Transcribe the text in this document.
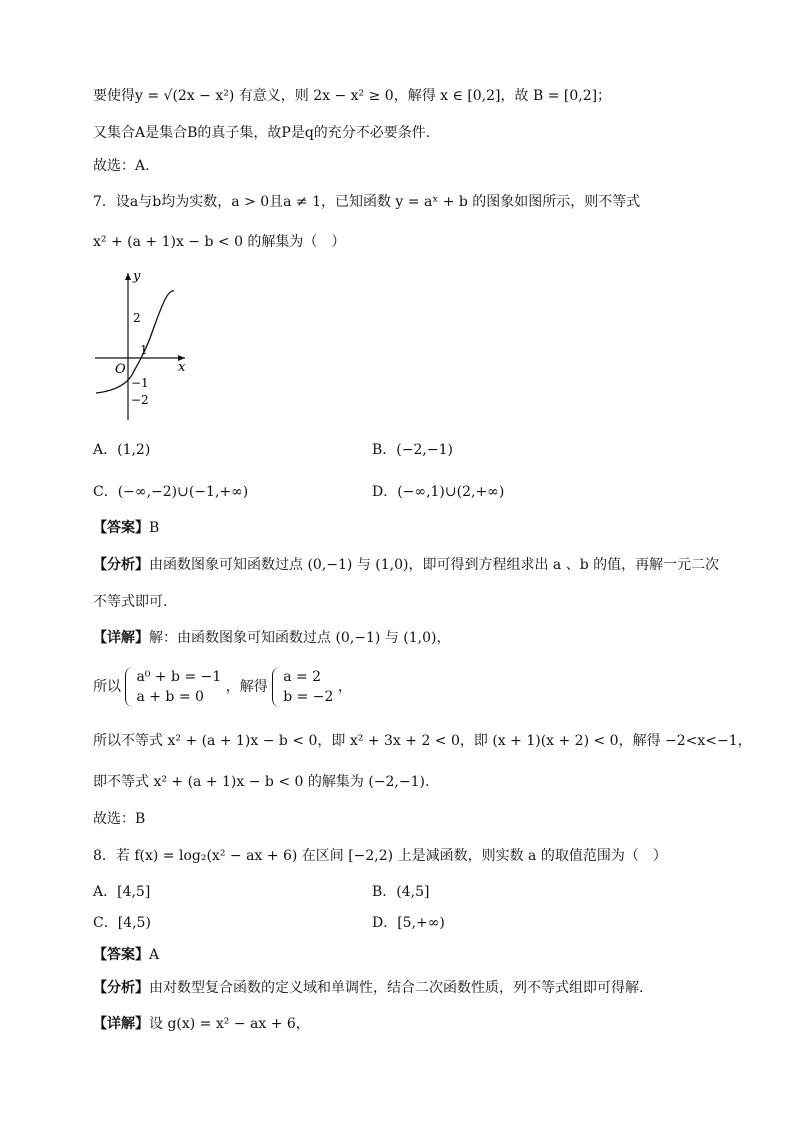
要使得y = √(2x − x²) 有意义，则 2x − x² ≥ 0，解得 x ∈ [0,2]，故 B = [0,2]；
又集合A是集合B的真子集，故P是q的充分不必要条件.
故选：A.
7．设a与b均为实数，a > 0且a ≠ 1，已知函数 y = aˣ + b 的图象如图所示，则不等式
x² + (a + 1)x − b < 0 的解集为（　）
y
x
O
2
1
−1
−2
A．(1,2)	B．(−2,−1)
C．(−∞,−2)∪(−1,+∞)	D．(−∞,1)∪(2,+∞)
【答案】B
【分析】由函数图象可知函数过点 (0,−1) 与 (1,0)，即可得到方程组求出 a 、b 的值，再解一元二次
不等式即可.
【详解】解：由函数图象可知函数过点 (0,−1) 与 (1,0)，
所以
a⁰ + b = −1
a + b = 0
，解得
a = 2
b = −2
，
所以不等式 x² + (a + 1)x − b < 0，即 x² + 3x + 2 < 0，即 (x + 1)(x + 2) < 0，解得 −2<x<−1，
即不等式 x² + (a + 1)x − b < 0 的解集为 (−2,−1).
故选：B
8．若 f(x) = log₂(x² − ax + 6) 在区间 [−2,2) 上是减函数，则实数 a 的取值范围为（　）
A．[4,5]	B．(4,5]
C．[4,5)	D．[5,+∞)
【答案】A
【分析】由对数型复合函数的定义域和单调性，结合二次函数性质，列不等式组即可得解.
【详解】设 g(x) = x² − ax + 6，
